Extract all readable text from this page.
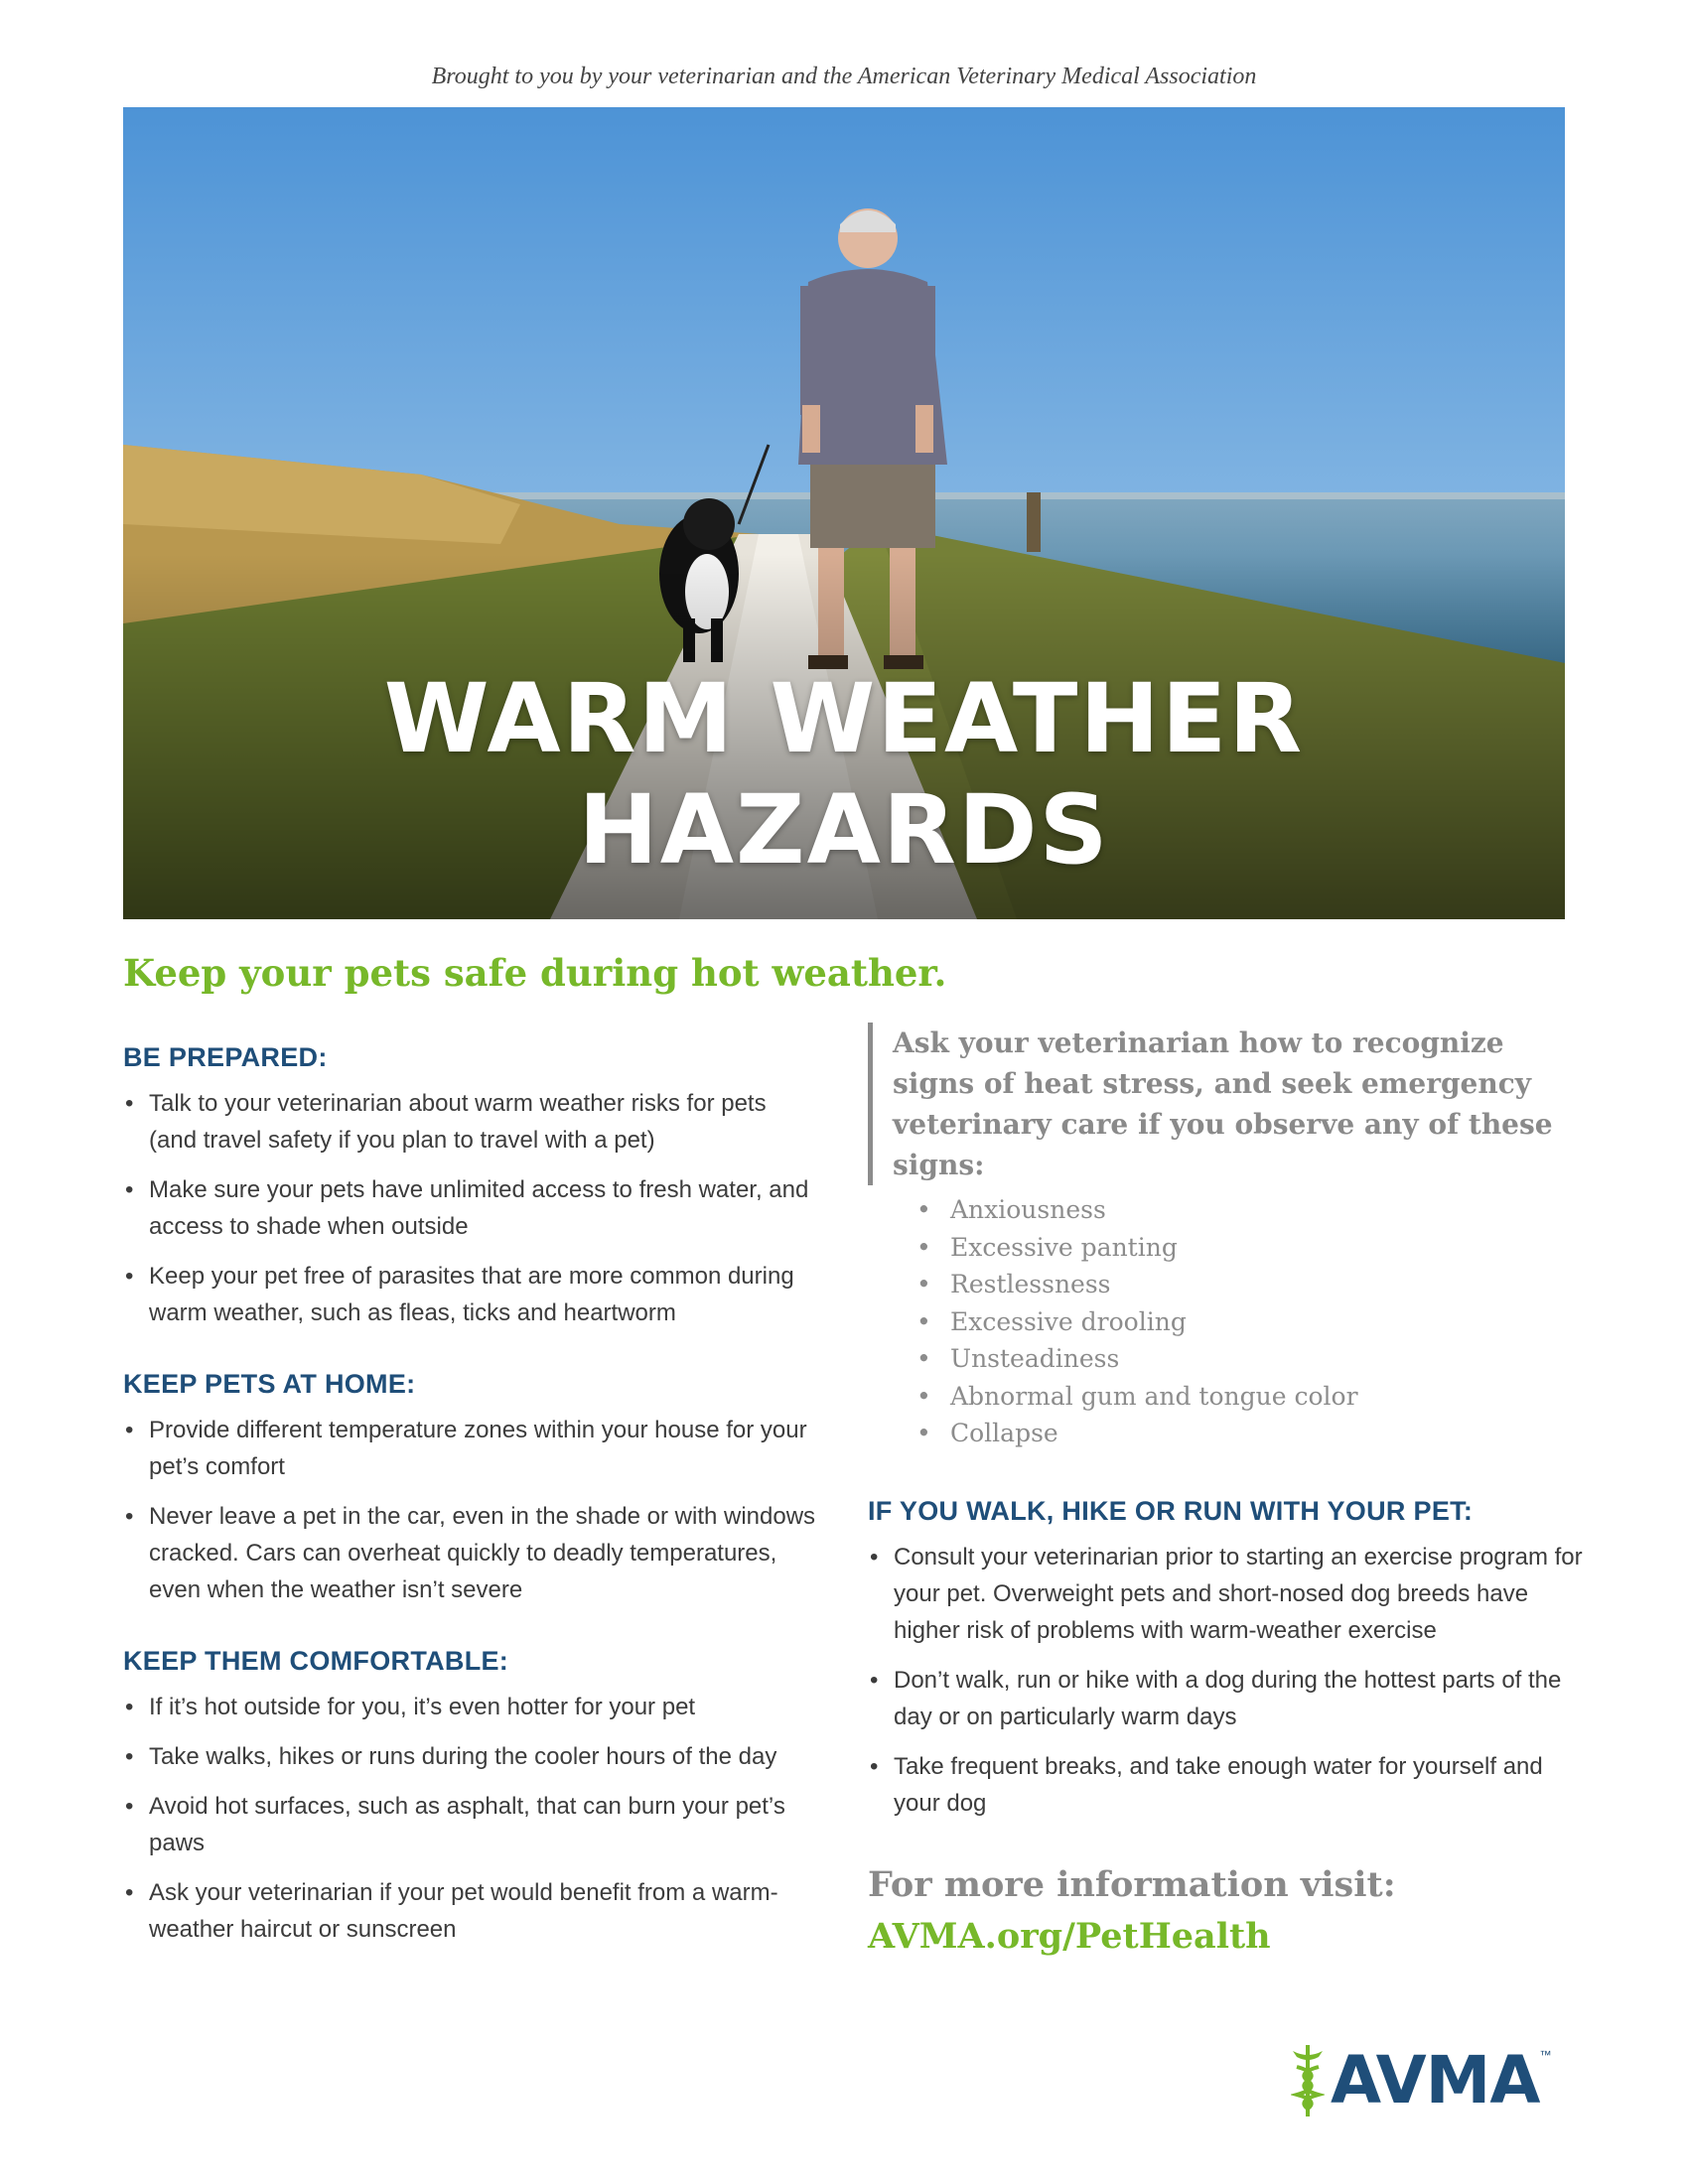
Brought to you by your veterinarian and the American Veterinary Medical Association
WARM WEATHER HAZARDS
Keep your pets safe during hot weather.
BE PREPARED:
• Talk to your veterinarian about warm weather risks for pets (and travel safety if you plan to travel with a pet)
• Make sure your pets have unlimited access to fresh water, and access to shade when outside
• Keep your pet free of parasites that are more common during warm weather, such as fleas, ticks and heartworm
KEEP PETS AT HOME:
• Provide different temperature zones within your house for your pet’s comfort
• Never leave a pet in the car, even in the shade or with windows cracked. Cars can overheat quickly to deadly temperatures, even when the weather isn’t severe
KEEP THEM COMFORTABLE:
• If it’s hot outside for you, it’s even hotter for your pet
• Take walks, hikes or runs during the cooler hours of the day
• Avoid hot surfaces, such as asphalt, that can burn your pet’s paws
• Ask your veterinarian if your pet would benefit from a warm-weather haircut or sunscreen
Ask your veterinarian how to recognize signs of heat stress, and seek emergency veterinary care if you observe any of these signs:
• Anxiousness
• Excessive panting
• Restlessness
• Excessive drooling
• Unsteadiness
• Abnormal gum and tongue color
• Collapse
IF YOU WALK, HIKE OR RUN WITH YOUR PET:
• Consult your veterinarian prior to starting an exercise program for your pet. Overweight pets and short-nosed dog breeds have higher risk of problems with warm-weather exercise
• Don’t walk, run or hike with a dog during the hottest parts of the day or on particularly warm days
• Take frequent breaks, and take enough water for yourself and your dog
For more information visit:
AVMA.org/PetHealth
AVMA ™
